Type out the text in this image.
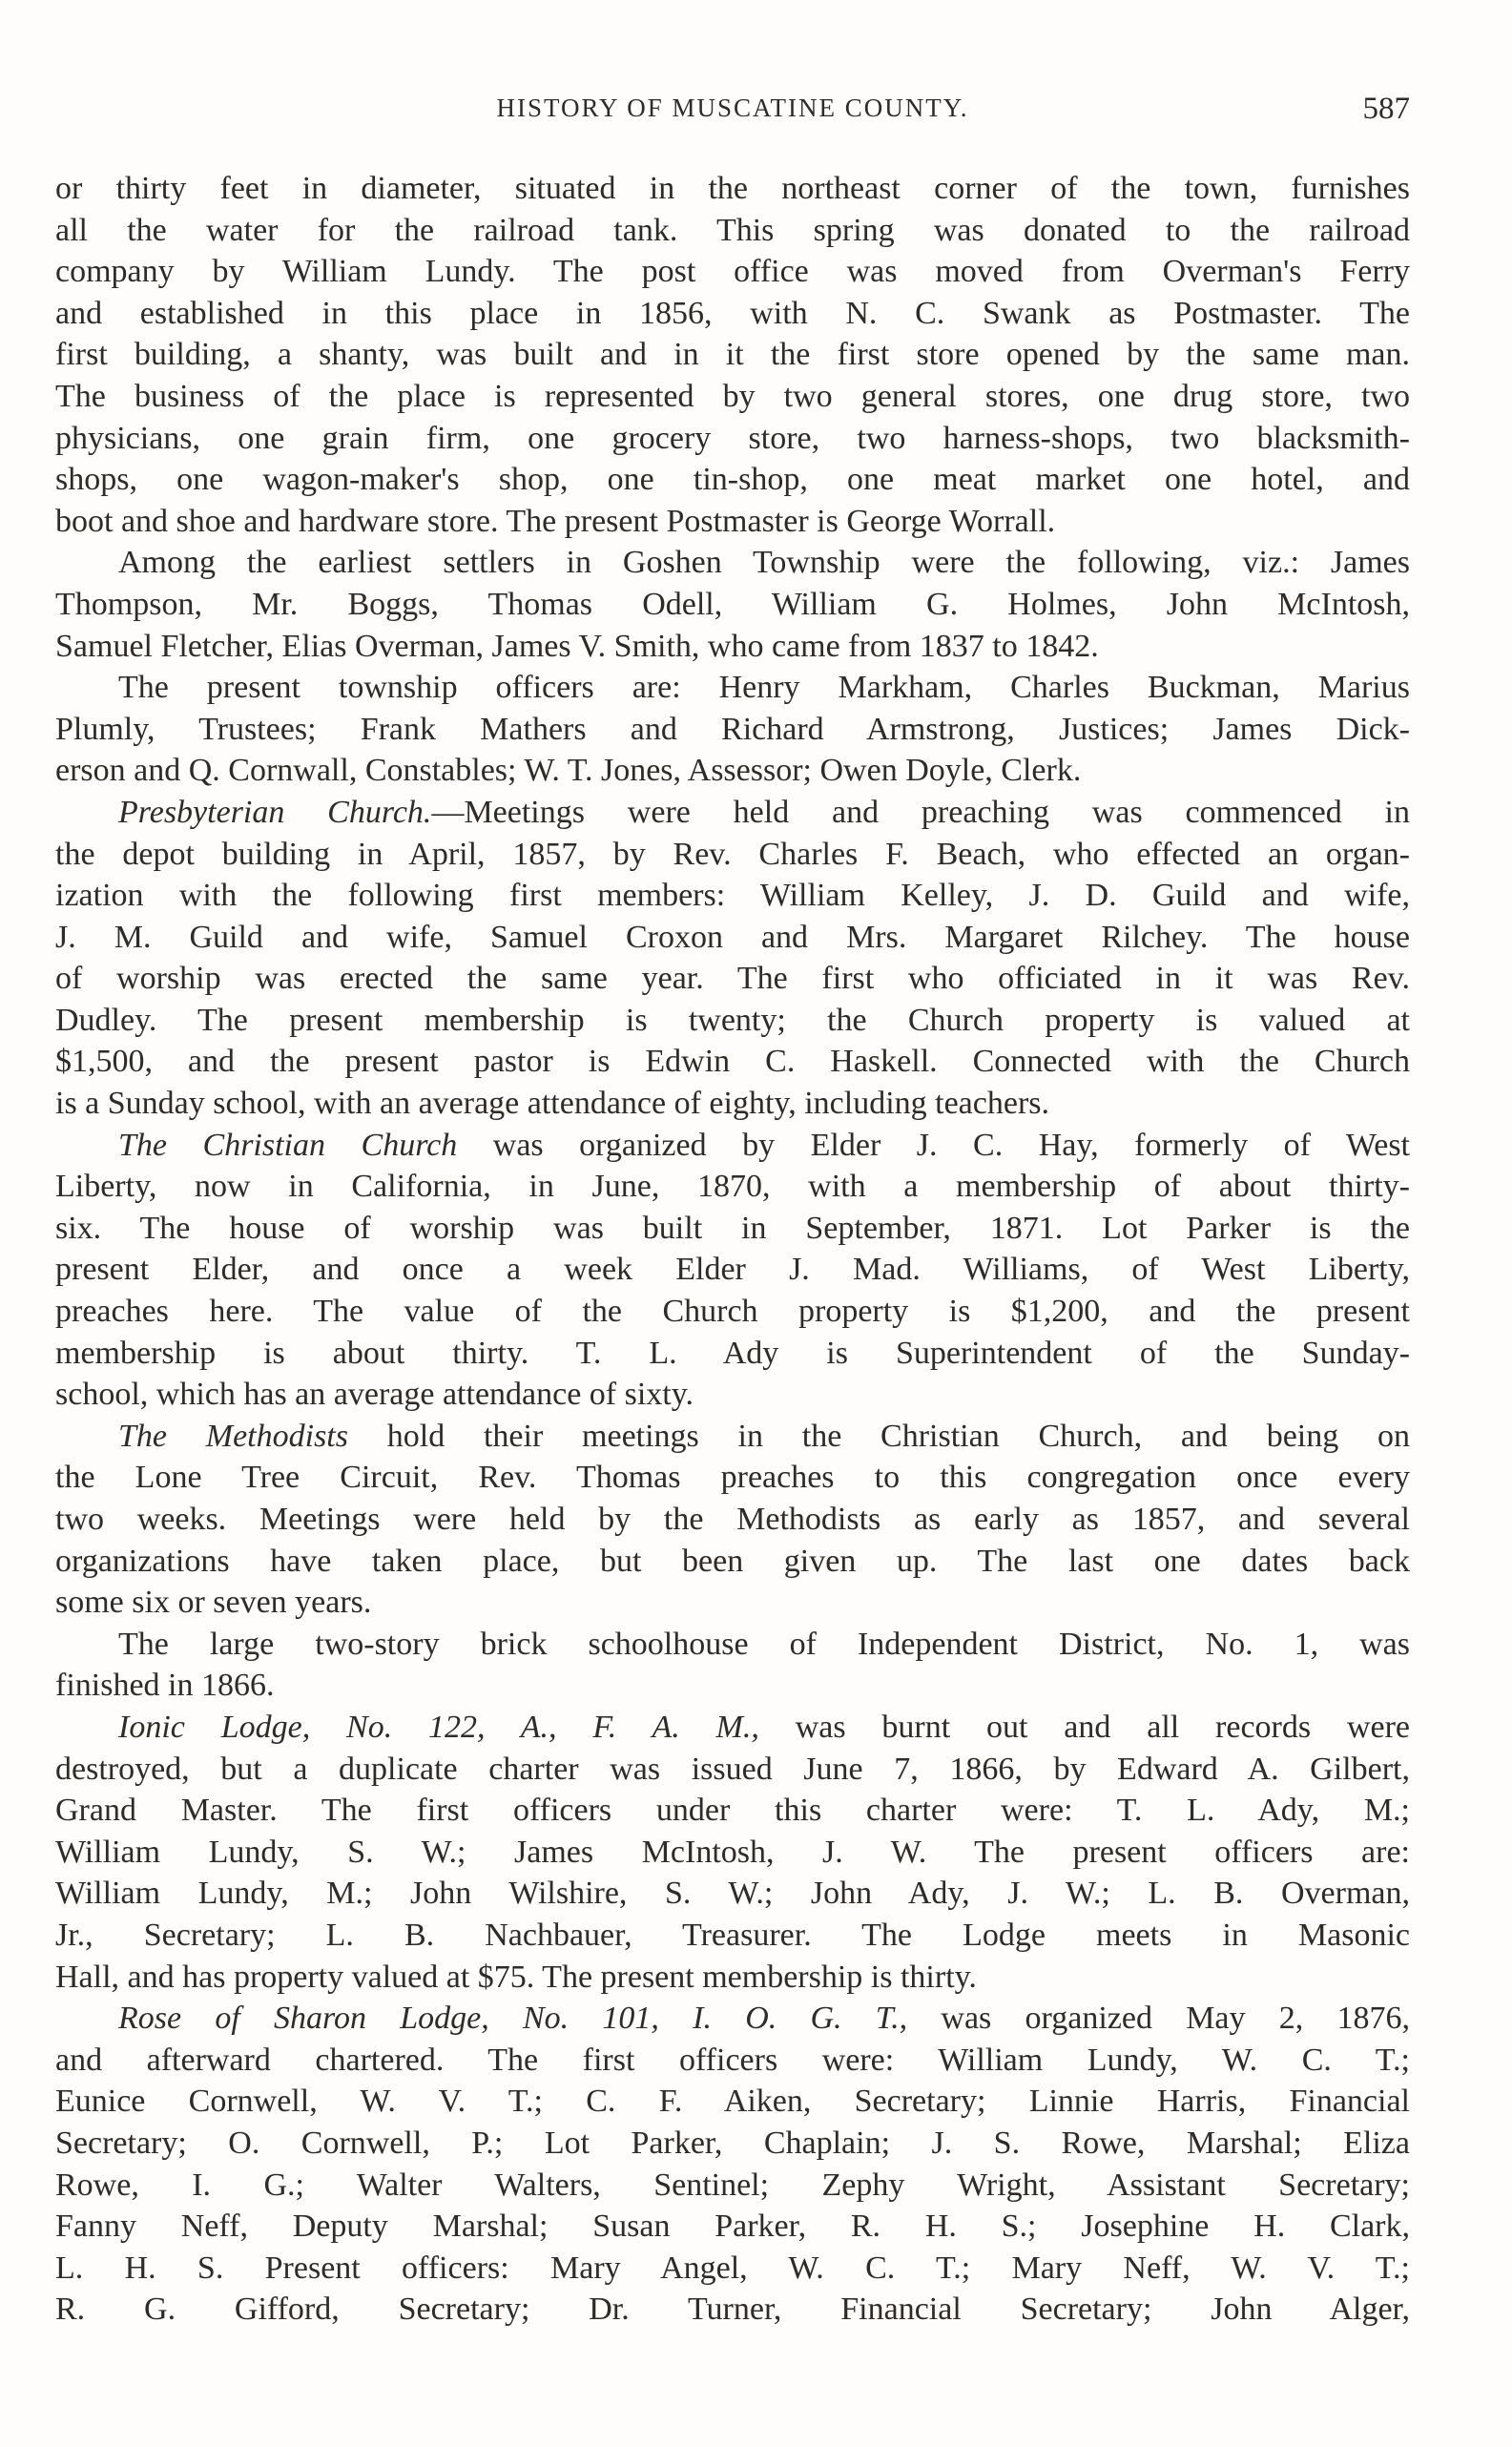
HISTORY OF MUSCATINE COUNTY.	587
or thirty feet in diameter, situated in the northeast corner of the town, furnishes
all the water for the railroad tank. This spring was donated to the railroad
company by William Lundy. The post office was moved from Overman's Ferry
and established in this place in 1856, with N. C. Swank as Postmaster. The
first building, a shanty, was built and in it the first store opened by the same man.
The business of the place is represented by two general stores, one drug store, two
physicians, one grain firm, one grocery store, two harness-shops, two blacksmith-
shops, one wagon-maker's shop, one tin-shop, one meat market one hotel, and
boot and shoe and hardware store. The present Postmaster is George Worrall.
Among the earliest settlers in Goshen Township were the following, viz.: James
Thompson, Mr. Boggs, Thomas Odell, William G. Holmes, John McIntosh,
Samuel Fletcher, Elias Overman, James V. Smith, who came from 1837 to 1842.
The present township officers are: Henry Markham, Charles Buckman, Marius
Plumly, Trustees; Frank Mathers and Richard Armstrong, Justices; James Dick-
erson and Q. Cornwall, Constables; W. T. Jones, Assessor; Owen Doyle, Clerk.
Presbyterian Church.—Meetings were held and preaching was commenced in
the depot building in April, 1857, by Rev. Charles F. Beach, who effected an organ-
ization with the following first members: William Kelley, J. D. Guild and wife,
J. M. Guild and wife, Samuel Croxon and Mrs. Margaret Rilchey. The house
of worship was erected the same year. The first who officiated in it was Rev.
Dudley. The present membership is twenty; the Church property is valued at
$1,500, and the present pastor is Edwin C. Haskell. Connected with the Church
is a Sunday school, with an average attendance of eighty, including teachers.
The Christian Church was organized by Elder J. C. Hay, formerly of West
Liberty, now in California, in June, 1870, with a membership of about thirty-
six. The house of worship was built in September, 1871. Lot Parker is the
present Elder, and once a week Elder J. Mad. Williams, of West Liberty,
preaches here. The value of the Church property is $1,200, and the present
membership is about thirty. T. L. Ady is Superintendent of the Sunday-
school, which has an average attendance of sixty.
The Methodists hold their meetings in the Christian Church, and being on
the Lone Tree Circuit, Rev. Thomas preaches to this congregation once every
two weeks. Meetings were held by the Methodists as early as 1857, and several
organizations have taken place, but been given up. The last one dates back
some six or seven years.
The large two-story brick schoolhouse of Independent District, No. 1, was
finished in 1866.
Ionic Lodge, No. 122, A., F. A. M., was burnt out and all records were
destroyed, but a duplicate charter was issued June 7, 1866, by Edward A. Gilbert,
Grand Master. The first officers under this charter were: T. L. Ady, M.;
William Lundy, S. W.; James McIntosh, J. W. The present officers are:
William Lundy, M.; John Wilshire, S. W.; John Ady, J. W.; L. B. Overman,
Jr., Secretary; L. B. Nachbauer, Treasurer. The Lodge meets in Masonic
Hall, and has property valued at $75. The present membership is thirty.
Rose of Sharon Lodge, No. 101, I. O. G. T., was organized May 2, 1876,
and afterward chartered. The first officers were: William Lundy, W. C. T.;
Eunice Cornwell, W. V. T.; C. F. Aiken, Secretary; Linnie Harris, Financial
Secretary; O. Cornwell, P.; Lot Parker, Chaplain; J. S. Rowe, Marshal; Eliza
Rowe, I. G.; Walter Walters, Sentinel; Zephy Wright, Assistant Secretary;
Fanny Neff, Deputy Marshal; Susan Parker, R. H. S.; Josephine H. Clark,
L. H. S. Present officers: Mary Angel, W. C. T.; Mary Neff, W. V. T.;
R. G. Gifford, Secretary; Dr. Turner, Financial Secretary; John Alger,
